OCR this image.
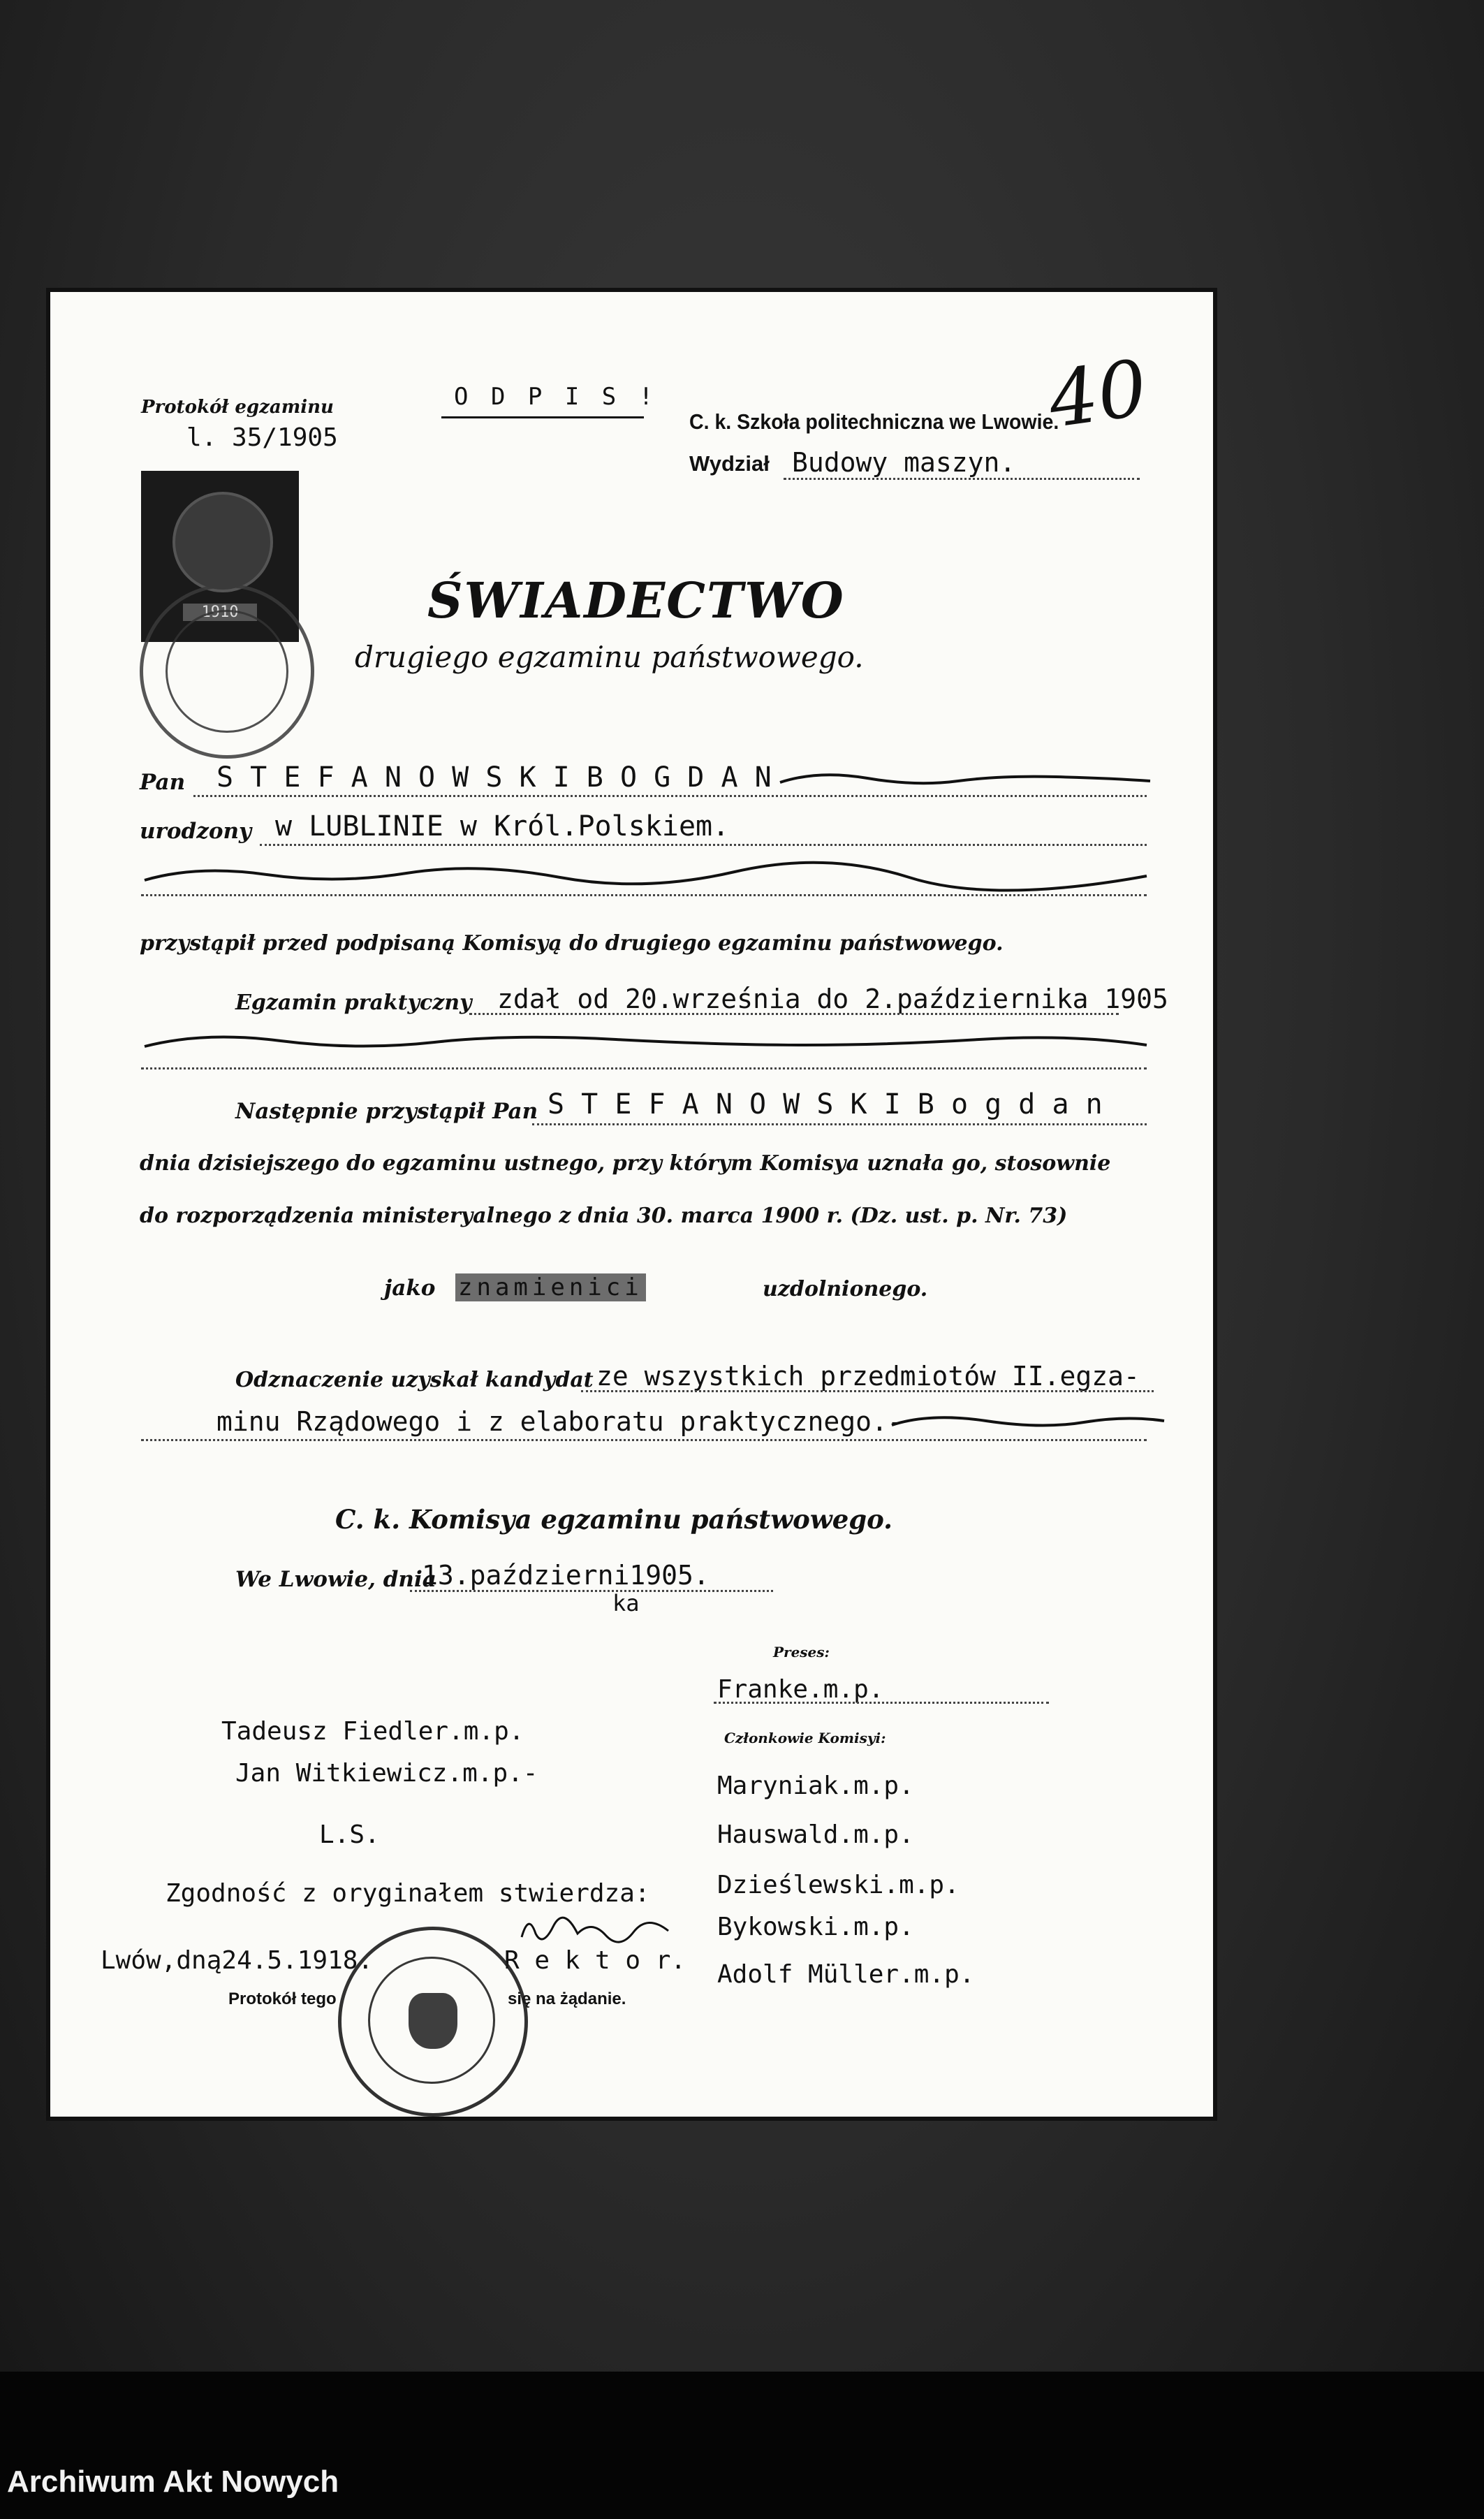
Archiwum Akt Nowych
40
Protokół egzaminu
l. 35/1905
O D P I S !
C. k. Szkoła politechniczna we Lwowie.
Wydział Budowy maszyn.
1910	ŚWIADECTWO
drugiego egzaminu państwowego.
Pan S T E F A N O W S K I B O G D A N
urodzony w LUBLINIE w Król.Polskiem.
przystąpił przed podpisaną Komisyą do drugiego egzaminu państwowego.
Egzamin praktyczny zdał od 20.września do 2.października 1905
Następnie przystąpił Pan S T E F A N O W S K I B o g d a n
dnia dzisiejszego do egzaminu ustnego, przy którym Komisya uznała go, stosownie
do rozporządzenia ministeryalnego z dnia 30. marca 1900 r. (Dz. ust. p. Nr. 73)
jako znamienici	uzdolnionego.
Odznaczenie uzyskał kandydat ze wszystkich przedmiotów II.egza-
minu Rządowego i z elaboratu praktycznego.-
C. k. Komisya egzaminu państwowego.
We Lwowie, dnia
13.październi1905.
ka
Preses:
Franke.m.p.
Członkowie Komisyi:
Maryniak.m.p.
Hauswald.m.p.
Dzieślewski.m.p.
Bykowski.m.p.
Adolf Müller.m.p.
Tadeusz Fiedler.m.p.
Jan Witkiewicz.m.p.-
L.S.
Zgodność z oryginałem stwierdza:
Lwów,dną24.5.1918.	R e k t o r.
Protokół tego	się na żądanie.
